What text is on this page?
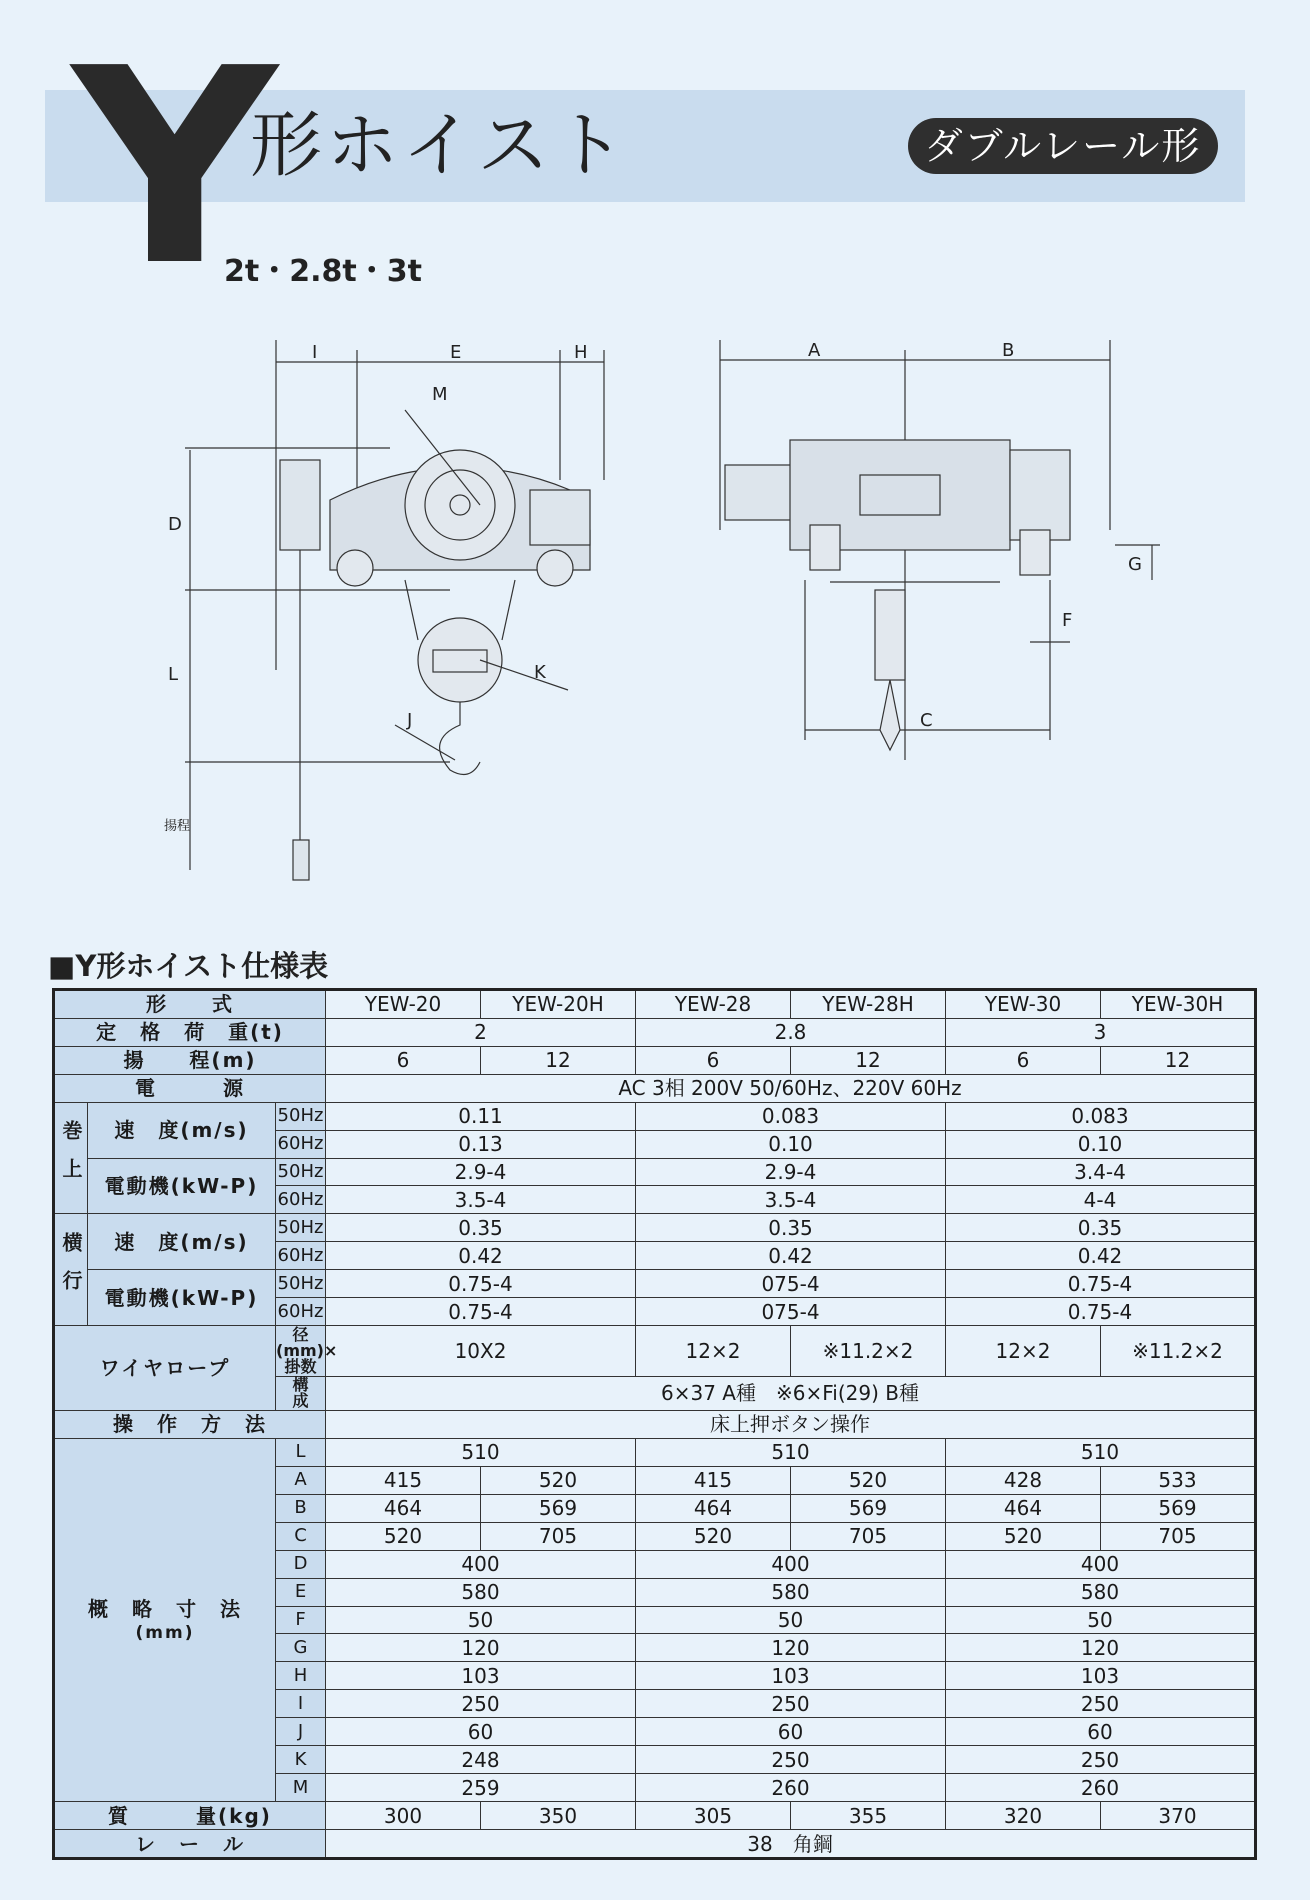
Y
形ホイスト	ダブルレール形
2t・2.8t・3t
I	E	H
M
D
L	K
J
揚程
A	B
C
F
G
■Y形ホイスト仕様表
形　　式			YEW-20	YEW-20H	YEW-28	YEW-28H	YEW-30	YEW-30H
定　格　荷　重(t)			2		2.8		3	
揚　　程(m)			6	12	6	12	6	12
電　　　源			AC 3相 200V 50/60Hz、220V 60Hz					
巻上	速　度(m/s)	50Hz	0.11		0.083		0.083	
		60Hz	0.13		0.10		0.10	
	電動機(kW-P)	50Hz	2.9-4		2.9-4		3.4-4	
		60Hz	3.5-4		3.5-4		4-4	
横行	速　度(m/s)	50Hz	0.35		0.35		0.35	
		60Hz	0.42		0.42		0.42	
	電動機(kW-P)	50Hz	0.75-4		075-4		0.75-4	
		60Hz	0.75-4		075-4		0.75-4	
ワイヤロープ		径(mm)×掛数	10X2		12×2	※11.2×2	12×2	※11.2×2
		構　　成	6×37 A種　※6×Fi(29) B種					
操　作　方　法			床上押ボタン操作					

概　略　寸　法
(mm)		L	510		510		510	
		A	415	520	415	520	428	533
		B	464	569	464	569	464	569
		C	520	705	520	705	520	705
		D	400		400		400	
		E	580		580		580	
		F	50		50		50	
		G	120		120		120	
		H	103		103		103	
		I	250		250		250	
		J	60		60		60	
		K	248		250		250	
		M	259		260		260	
質　　　量(kg)			300	350	305	355	320	370
レ　ー　ル			38　角鋼					
